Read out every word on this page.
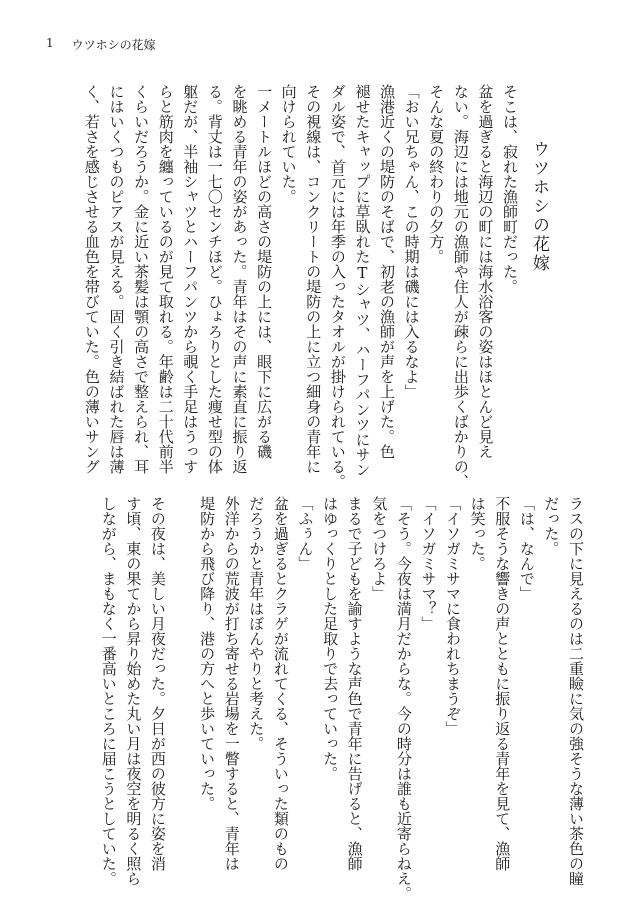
1 ウツホシの花嫁
ウツホシの花嫁
そこは、寂れた漁師町だった。
盆を過ぎると海辺の町には海水浴客の姿はほとんど見え
ない。海辺には地元の漁師や住人が疎らに出歩くばかりの、
そんな夏の終わりの夕方。
「おい兄ちゃん、この時期は磯には入るなよ」
漁港近くの堤防のそばで、初老の漁師が声を上げた。色
褪せたキャップに草臥れたTシャツ、ハーフパンツにサン
ダル姿で、首元には年季の入ったタオルが掛けられている。
その視線は、コンクリートの堤防の上に立つ細身の青年に
向けられていた。
一メートルほどの高さの堤防の上には、眼下に広がる磯
を眺める青年の姿があった。青年はその声に素直に振り返
る。背丈は一七〇センチほど。ひょろりとした痩せ型の体
躯だが、半袖シャツとハーフパンツから覗く手足はうっす
らと筋肉を纏っているのが見て取れる。年齢は二十代前半
くらいだろうか。金に近い茶髪は顎の高さで整えられ、耳
にはいくつものピアスが見える。固く引き結ばれた唇は薄
く、若さを感じさせる血色を帯びていた。色の薄いサング
ラスの下に見えるのは二重瞼に気の強そうな薄い茶色の瞳
だった。
「は、なんで」
不服そうな響きの声とともに振り返る青年を見て、漁師
は笑った。
「イソガミサマに食われちまうぞ」
「イソガミサマ？」
「そう。今夜は満月だからな。今の時分は誰も近寄らねえ。
気をつけろよ」
まるで子どもを諭すような声色で青年に告げると、漁師
はゆっくりとした足取りで去っていった。
「ふぅん」
盆を過ぎるとクラゲが流れてくる、そういった類のもの
だろうかと青年はぼんやりと考えた。
外洋からの荒波が打ち寄せる岩場を一瞥すると、青年は
堤防から飛び降り、港の方へと歩いていった。

その夜は、美しい月夜だった。夕日が西の彼方に姿を消
す頃、東の果てから昇り始めた丸い月は夜空を明るく照ら
しながら、まもなく一番高いところに届こうとしていた。
